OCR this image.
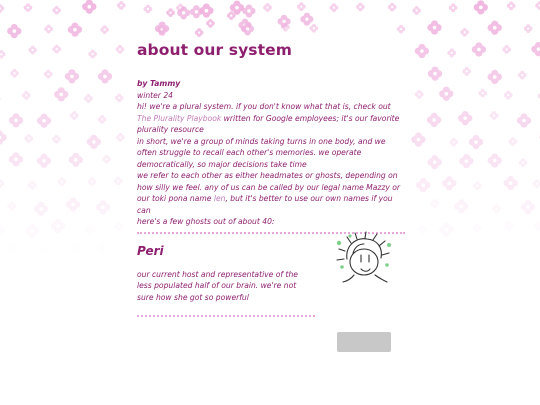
about our system

by Tammy

winter 24

hi! we're a plural system. if you don't know what that is, check out The Plurality Playbook written for Google employees; it's our favorite plurality resource

in short, we're a group of minds taking turns in one body, and we often struggle to recall each other's memories. we operate democratically, so major decisions take time

we refer to each other as either headmates or ghosts, depending on how silly we feel. any of us can be called by our legal name Mazzy or our toki pona name len, but it's better to use our own names if you can

here's a few ghosts out of about 40:

Peri

our current host and representative of the less populated half of our brain. we're not sure how she got so powerful
